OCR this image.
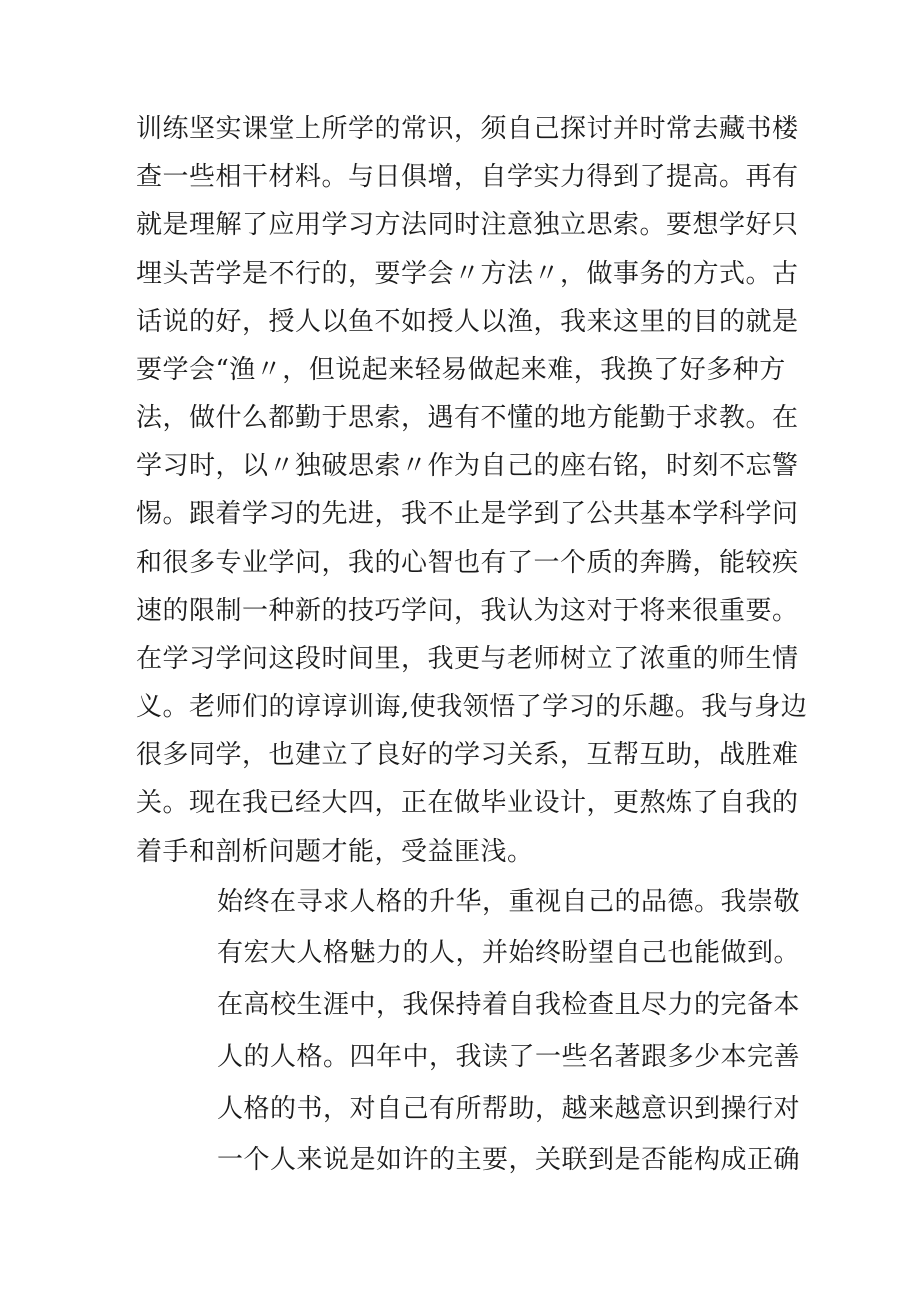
训练坚实课堂上所学的常识，须自己探讨并时常去藏书楼
查一些相干材料。与日俱增，自学实力得到了提高。再有
就是理解了应用学习方法同时注意独立思索。要想学好只
埋头苦学是不行的，要学会〃方法〃，做事务的方式。古
话说的好，授人以鱼不如授人以渔，我来这里的目的就是
要学会“渔〃，但说起来轻易做起来难，我换了好多种方
法，做什么都勤于思索，遇有不懂的地方能勤于求教。在
学习时，以〃独破思索〃作为自己的座右铭，时刻不忘警
惕。跟着学习的先进，我不止是学到了公共基本学科学问
和很多专业学问，我的心智也有了一个质的奔腾，能较疾
速的限制一种新的技巧学问，我认为这对于将来很重要。
在学习学问这段时间里，我更与老师树立了浓重的师生情
义。老师们的谆谆训诲,使我领悟了学习的乐趣。我与身边
很多同学，也建立了良好的学习关系，互帮互助，战胜难
关。现在我已经大四，正在做毕业设计，更熬炼了自我的
着手和剖析问题才能，受益匪浅。
始终在寻求人格的升华，重视自己的品德。我崇敬
有宏大人格魅力的人，并始终盼望自己也能做到。
在高校生涯中，我保持着自我检查且尽力的完备本
人的人格。四年中，我读了一些名著跟多少本完善
人格的书，对自己有所帮助，越来越意识到操行对
一个人来说是如许的主要，关联到是否能构成正确
